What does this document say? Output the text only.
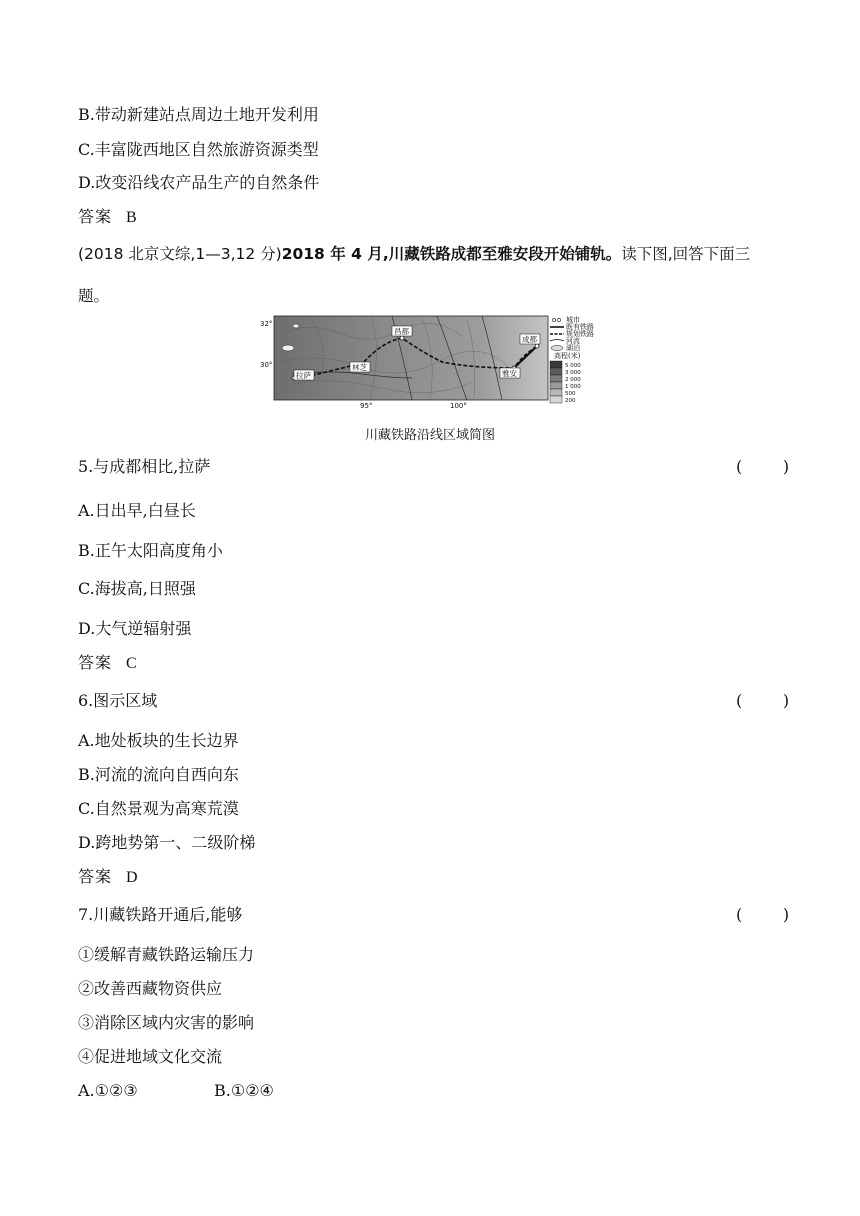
B.带动新建站点周边土地开发利用
C.丰富陇西地区自然旅游资源类型
D.改变沿线农产品生产的自然条件
答案 B
(2018 北京文综,1—3,12 分)2018 年 4 月,川藏铁路成都至雅安段开始铺轨。读下图,回答下面三
题。
昌都
成都
拉萨
林芝
雅安
32°
30°
95°	100°
城市
既有铁路
规划铁路
河流
湖泊
高程(米)
5 000
3 000
2 000
1 000
500
200
川藏铁路沿线区域简图
5.与成都相比,拉萨	(        )
A.日出早,白昼长
B.正午太阳高度角小
C.海拔高,日照强
D.大气逆辐射强
答案 C
6.图示区域	(        )
A.地处板块的生长边界
B.河流的流向自西向东
C.自然景观为高寒荒漠
D.跨地势第一、二级阶梯
答案 D
7.川藏铁路开通后,能够	(        )
①缓解青藏铁路运输压力
②改善西藏物资供应
③消除区域内灾害的影响
④促进地域文化交流
A.①②③	B.①②④
